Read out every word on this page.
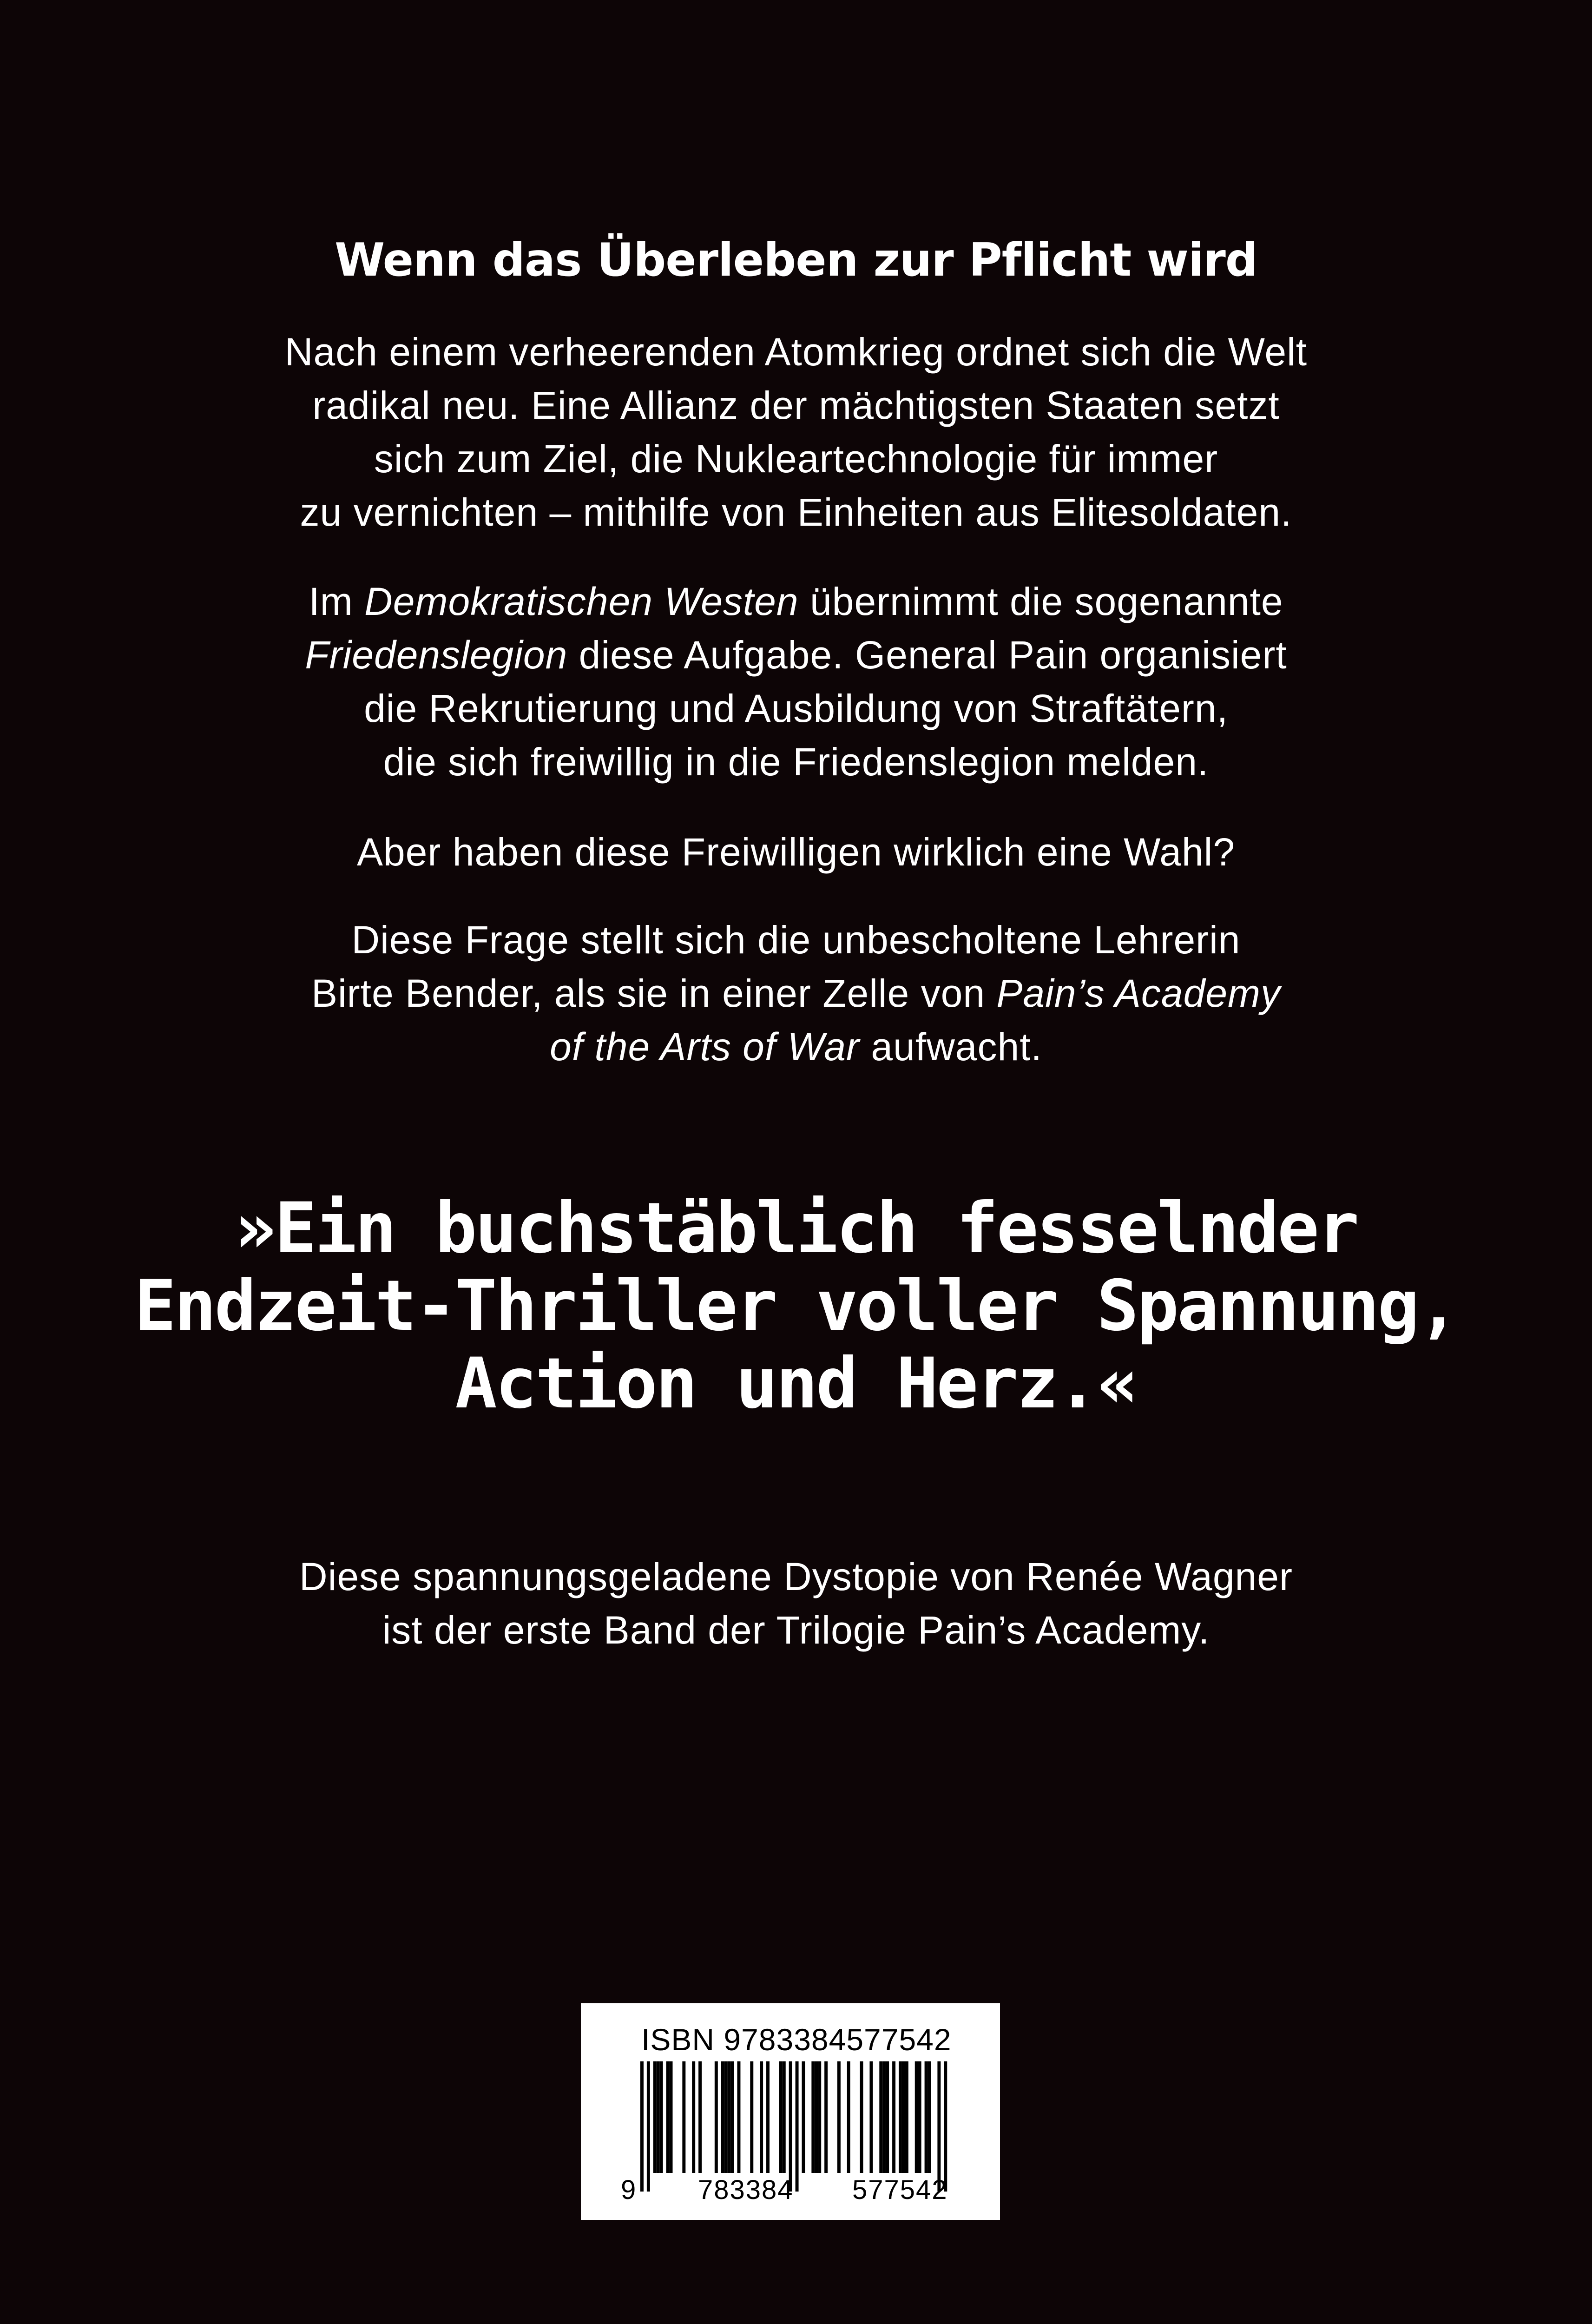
Wenn das Überleben zur Pflicht wird
Nach einem verheerenden Atomkrieg ordnet sich die Welt
radikal neu. Eine Allianz der mächtigsten Staaten setzt
sich zum Ziel, die Nukleartechnologie für immer
zu vernichten – mithilfe von Einheiten aus Elitesoldaten.
Im Demokratischen Westen übernimmt die sogenannte
Friedenslegion diese Aufgabe. General Pain organisiert
die Rekrutierung und Ausbildung von Straftätern,
die sich freiwillig in die Friedenslegion melden.
Aber haben diese Freiwilligen wirklich eine Wahl?
Diese Frage stellt sich die unbescholtene Lehrerin
Birte Bender, als sie in einer Zelle von Pain’s Academy
of the Arts of War aufwacht.
»Ein buchstäblich fesselnder
Endzeit-Thriller voller Spannung,
Action und Herz.«
Diese spannungsgeladene Dystopie von Renée Wagner
ist der erste Band der Trilogie Pain’s Academy.
ISBN 9783384577542
9 783384 577542
